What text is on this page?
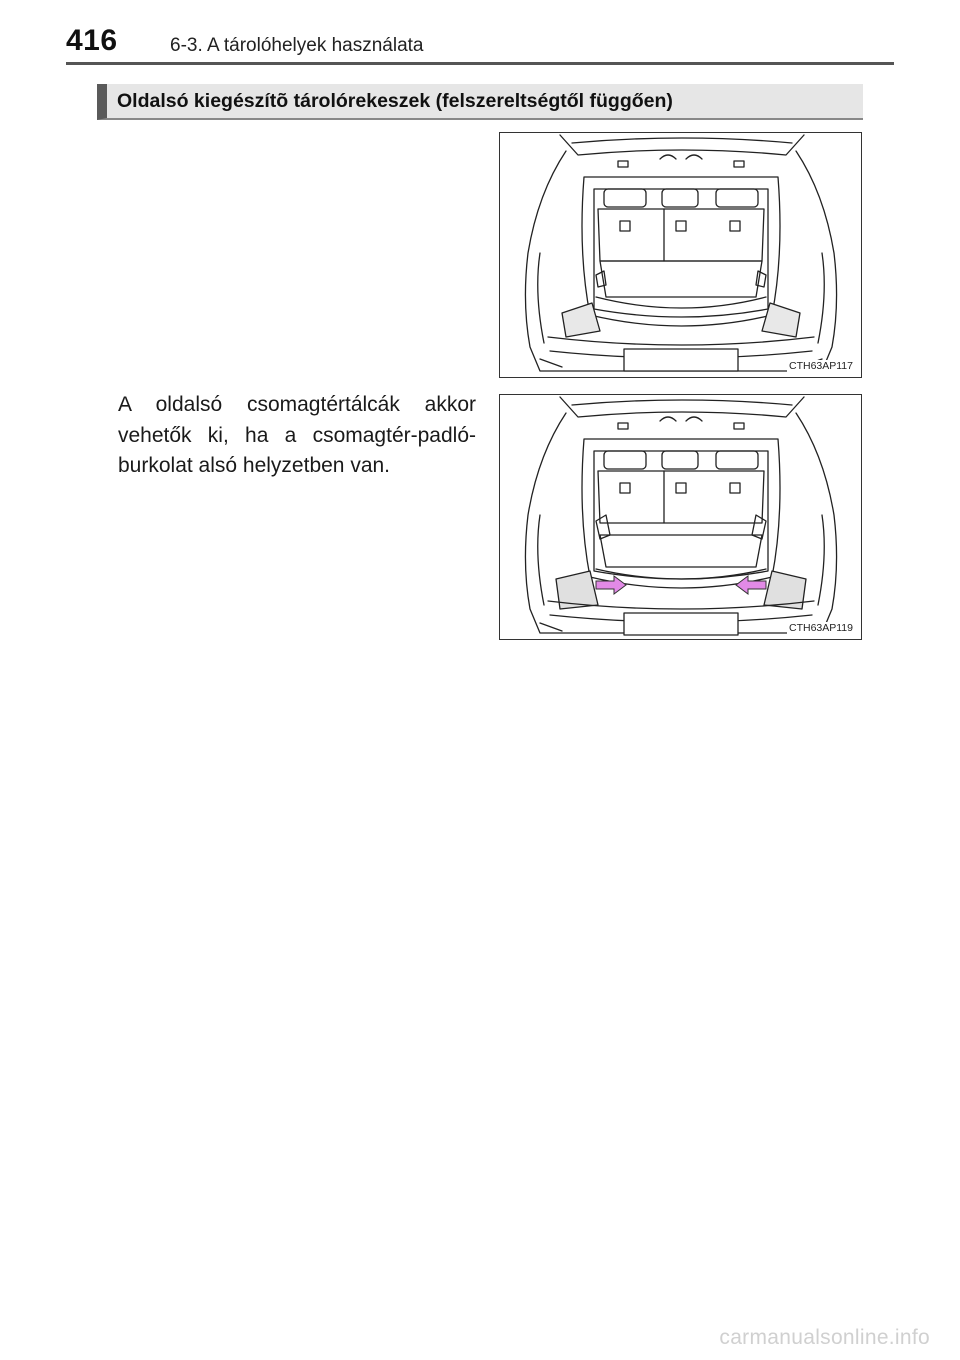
416	6-3. A tárolóhelyek használata
Oldalsó kiegészítõ tárolórekeszek (felszereltségtől függően)
CTH63AP117
CTH63AP119

A oldalsó csomagtértálcák akkor vehetők ki, ha a csomagtér-padló-burkolat alsó helyzetben van.

carmanualsonline.info
